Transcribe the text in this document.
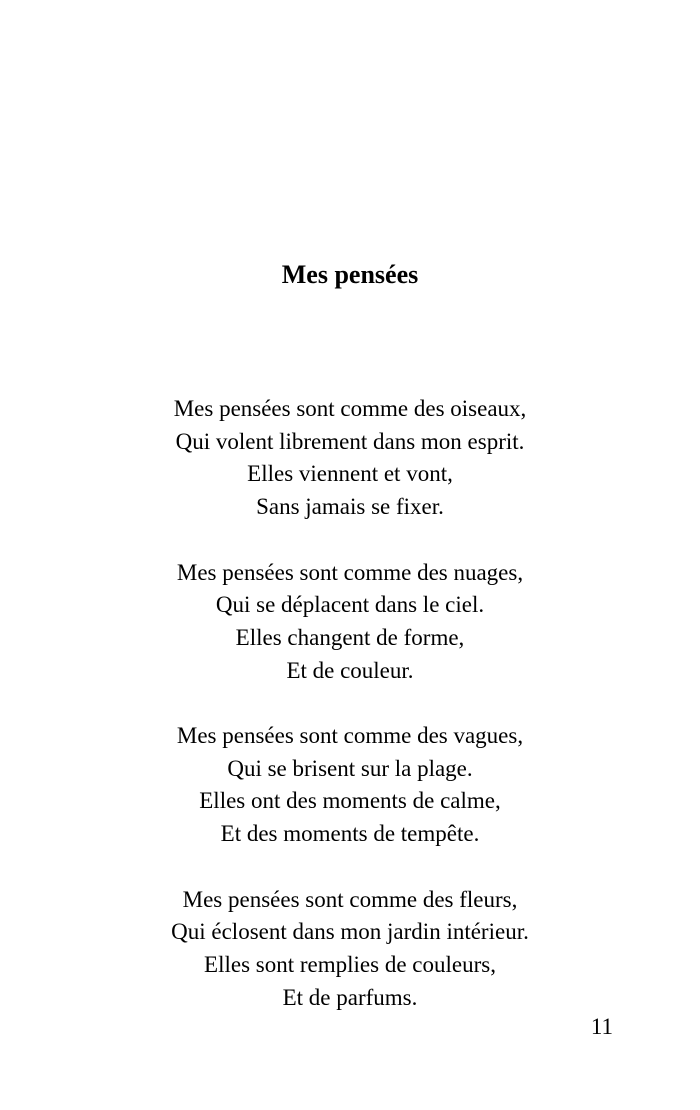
Mes pensées
Mes pensées sont comme des oiseaux,
Qui volent librement dans mon esprit.
Elles viennent et vont,
Sans jamais se fixer.
Mes pensées sont comme des nuages,
Qui se déplacent dans le ciel.
Elles changent de forme,
Et de couleur.
Mes pensées sont comme des vagues,
Qui se brisent sur la plage.
Elles ont des moments de calme,
Et des moments de tempête.
Mes pensées sont comme des fleurs,
Qui éclosent dans mon jardin intérieur.
Elles sont remplies de couleurs,
Et de parfums.
11
